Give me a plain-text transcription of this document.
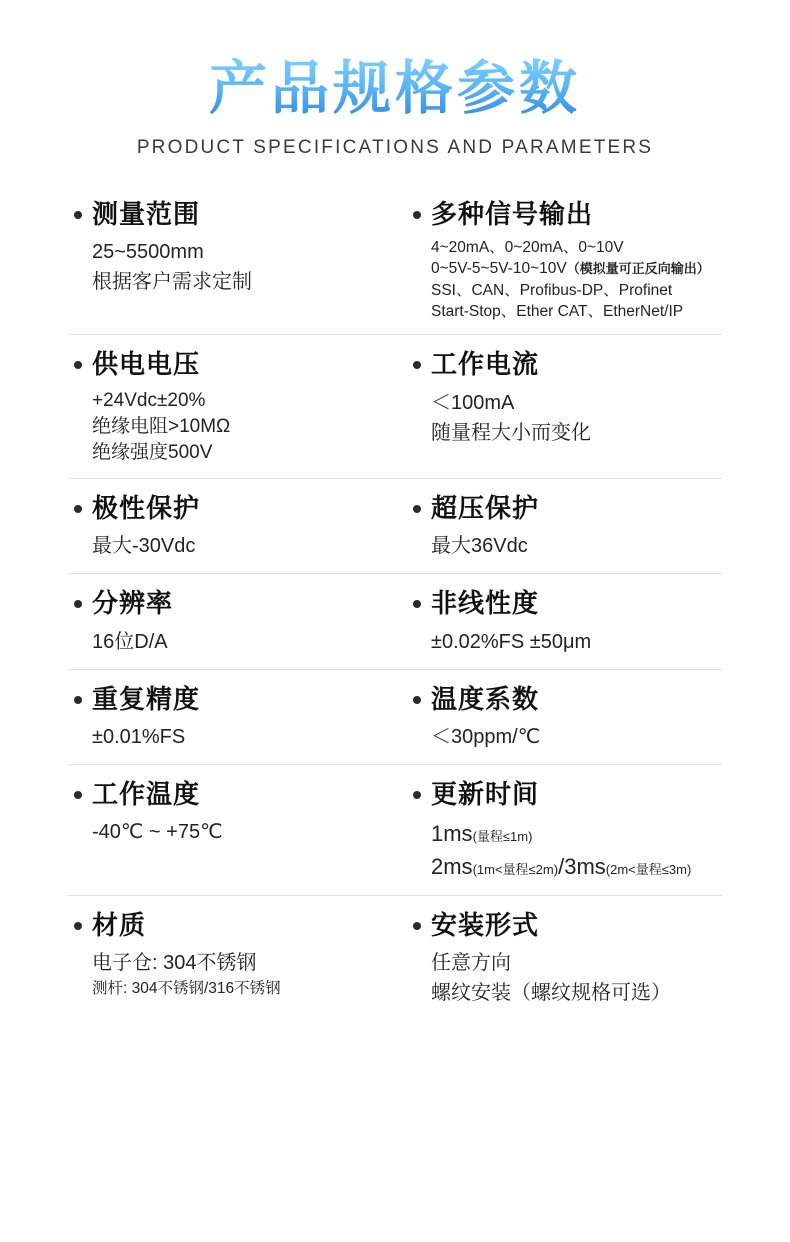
产品规格参数
PRODUCT SPECIFICATIONS AND PARAMETERS
测量范围
25~5500mm
根据客户需求定制
多种信号输出
4~20mA、0~20mA、0~10V
0~5V-5~5V-10~10V（模拟量可正反向输出）
SSI、CAN、Profibus-DP、Profinet
Start-Stop、Ether CAT、EtherNet/IP
供电电压
+24Vdc±20%
绝缘电阻>10MΩ
绝缘强度500V
工作电流
＜100mA
随量程大小而变化
极性保护
最大-30Vdc
超压保护
最大36Vdc
分辨率
16位D/A
非线性度
±0.02%FS ±50μm
重复精度
±0.01%FS
温度系数
＜30ppm/℃
工作温度
-40℃ ~ +75℃
更新时间
1ms(量程≤1m)
2ms(1m<量程≤2m)/3ms(2m<量程≤3m)
材质
电子仓: 304不锈钢
测杆: 304不锈钢/316不锈钢
安装形式
任意方向
螺纹安装（螺纹规格可选）
